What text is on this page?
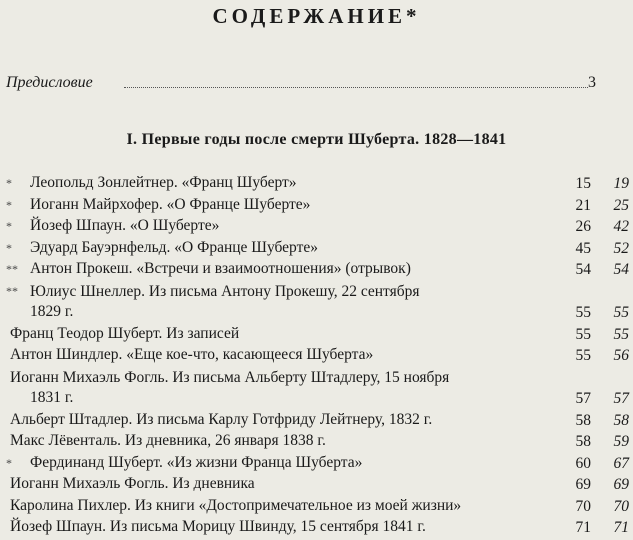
СОДЕРЖАНИЕ*
Предисловие	3
I. Первые годы после смерти Шуберта. 1828—1841
* Леопольд Зонлейтнер. «Франц Шуберт»	15	19
* Иоганн Майрхофер. «О Франце Шуберте»	21	25
* Йозеф Шпаун. «О Шуберте»	26	42
* Эдуард Бауэрнфельд. «О Франце Шуберте»	45	52
** Антон Прокеш. «Встречи и взаимоотношения» (отрывок)	54	54
** Юлиус Шнеллер. Из письма Антону Прокешу, 22 сентября
1829 г.	55	55
Франц Теодор Шуберт. Из записей	55	55
Антон Шиндлер. «Еще кое-что, касающееся Шуберта»	55	56
Иоганн Михаэль Фогль. Из письма Альберту Штадлеру, 15 ноября
1831 г.	57	57
Альберт Штадлер. Из письма Карлу Готфриду Лейтнеру, 1832 г.	58	58
Макс Лёвенталь. Из дневника, 26 января 1838 г.	58	59
* Фердинанд Шуберт. «Из жизни Франца Шуберта»	60	67
Иоганн Михаэль Фогль. Из дневника	69	69
Каролина Пихлер. Из книги «Достопримечательное из моей жизни»	70	70
Йозеф Шпаун. Из письма Морицу Швинду, 15 сентября 1841 г.	71	71
